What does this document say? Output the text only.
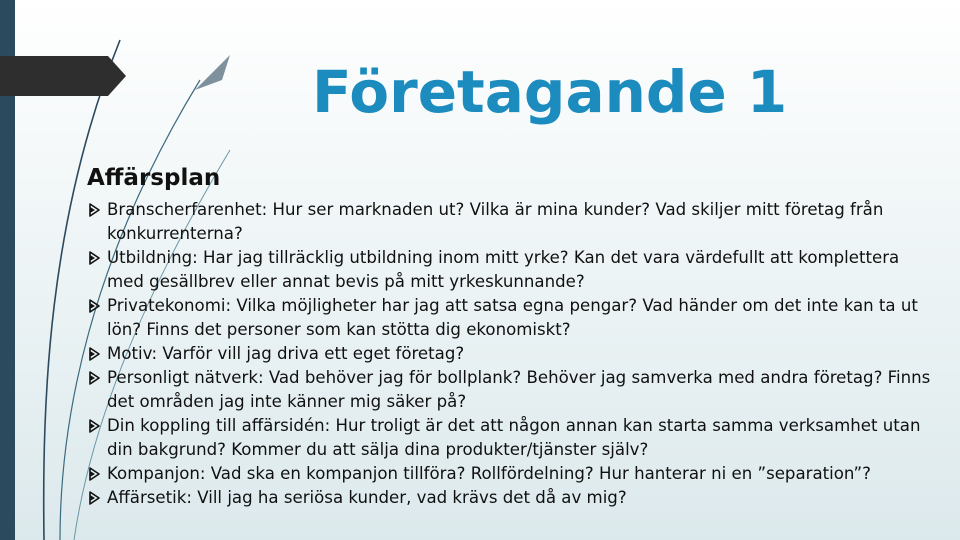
Företagande 1
Affärsplan
Branscherfarenhet: Hur ser marknaden ut? Vilka är mina kunder? Vad skiljer mitt företag från konkurrenterna?
Utbildning: Har jag tillräcklig utbildning inom mitt yrke? Kan det vara värdefullt att komplettera med gesällbrev eller annat bevis på mitt yrkeskunnande?
Privatekonomi: Vilka möjligheter har jag att satsa egna pengar? Vad händer om det inte kan ta ut lön? Finns det personer som kan stötta dig ekonomiskt?
Motiv: Varför vill jag driva ett eget företag?
Personligt nätverk: Vad behöver jag för bollplank? Behöver jag samverka med andra företag? Finns det områden jag inte känner mig säker på?
Din koppling till affärsidén: Hur troligt är det att någon annan kan starta samma verksamhet utan din bakgrund? Kommer du att sälja dina produkter/tjänster själv?
Kompanjon: Vad ska en kompanjon tillföra? Rollfördelning? Hur hanterar ni en ”separation”?
Affärsetik: Vill jag ha seriösa kunder, vad krävs det då av mig?
